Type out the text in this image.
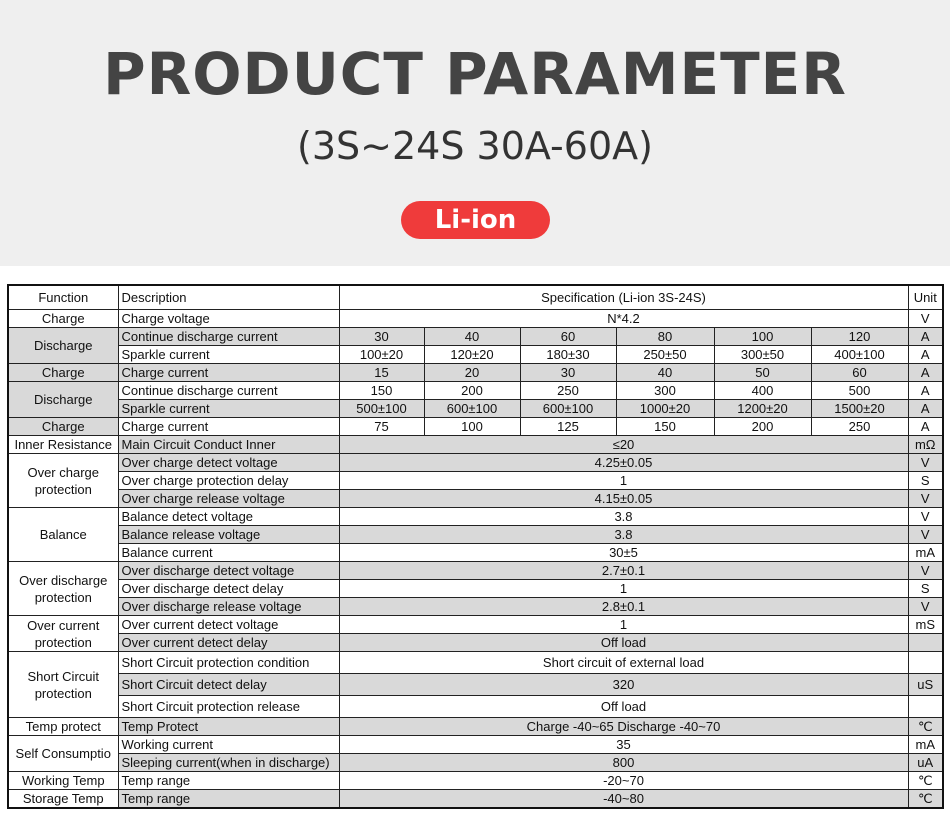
PRODUCT PARAMETER
(3S~24S 30A-60A)
Li-ion
Function	Description	Specification (Li-ion 3S-24S)						Unit
Charge	Charge voltage	N*4.2						V
Discharge	Continue discharge current	30	40	60	80	100	120	A
	Sparkle current	100±20	120±20	180±30	250±50	300±50	400±100	A
Charge	Charge current	15	20	30	40	50	60	A
Discharge	Continue discharge current	150	200	250	300	400	500	A
	Sparkle current	500±100	600±100	600±100	1000±20	1200±20	1500±20	A
Charge	Charge current	75	100	125	150	200	250	A
Inner Resistance	Main Circuit Conduct Inner	≤20						mΩ
Over charge protection	Over charge detect voltage	4.25±0.05						V
	Over charge protection delay	1						S
	Over charge release voltage	4.15±0.05						V
Balance	Balance detect voltage	3.8						V
	Balance release voltage	3.8						V
	Balance current	30±5						mA
Over discharge protection	Over discharge detect voltage	2.7±0.1						V
	Over discharge detect delay	1						S
	Over discharge release voltage	2.8±0.1						V
Over current protection	Over current detect voltage	1						mS
	Over current detect delay	Off load						
Short Circuit protection	Short Circuit protection condition	Short circuit of external load						
	Short Circuit detect delay	320						uS
	Short Circuit protection release	Off load						
Temp protect	Temp Protect	Charge -40~65 Discharge -40~70						℃
Self Consumptio	Working current	35						mA
	Sleeping current(when in discharge)	800						uA
Working Temp	Temp range	-20~70						℃
Storage Temp	Temp range	-40~80						℃
